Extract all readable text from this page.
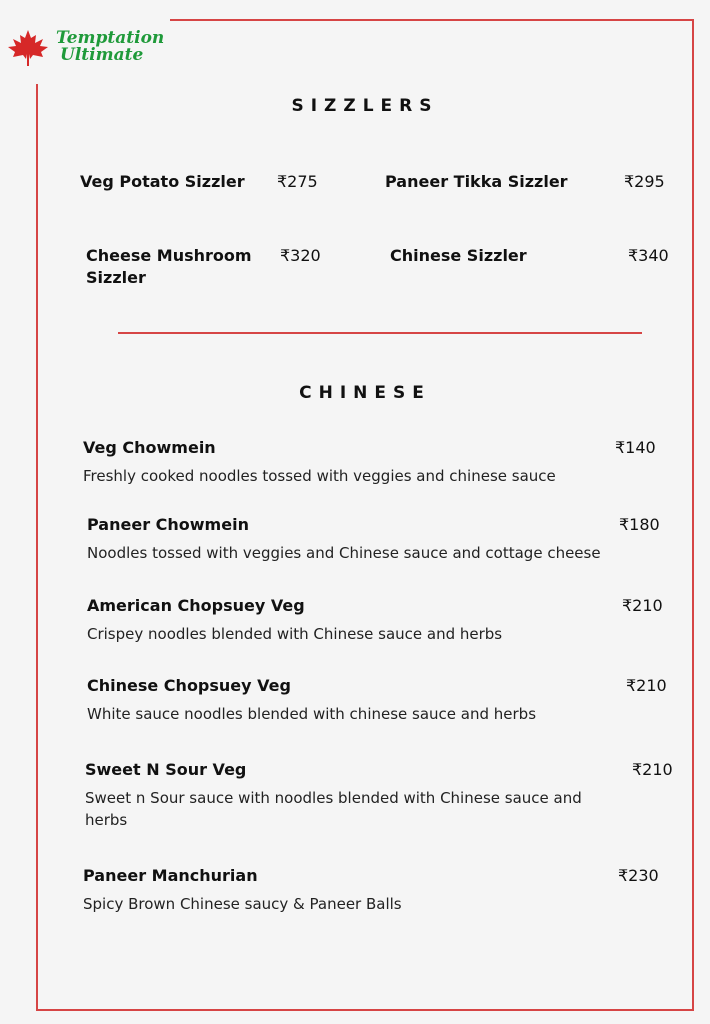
Temptation
Ultimate
SIZZLERS
Veg Potato Sizzler ₹275	Paneer Tikka Sizzler	₹295
Cheese Mushroom
Sizzler
₹320	Chinese Sizzler	₹340
CHINESE
Veg Chowmein	₹140
Freshly cooked noodles tossed with veggies and chinese sauce
Paneer Chowmein	₹180
Noodles tossed with veggies and Chinese sauce and cottage cheese
American Chopsuey Veg	₹210
Crispey noodles blended with Chinese sauce and herbs
Chinese Chopsuey Veg	₹210
White sauce noodles blended with chinese sauce and herbs
Sweet N Sour Veg	₹210
Sweet n Sour sauce with noodles blended with Chinese sauce and
herbs
Paneer Manchurian	₹230
Spicy Brown Chinese saucy & Paneer Balls
